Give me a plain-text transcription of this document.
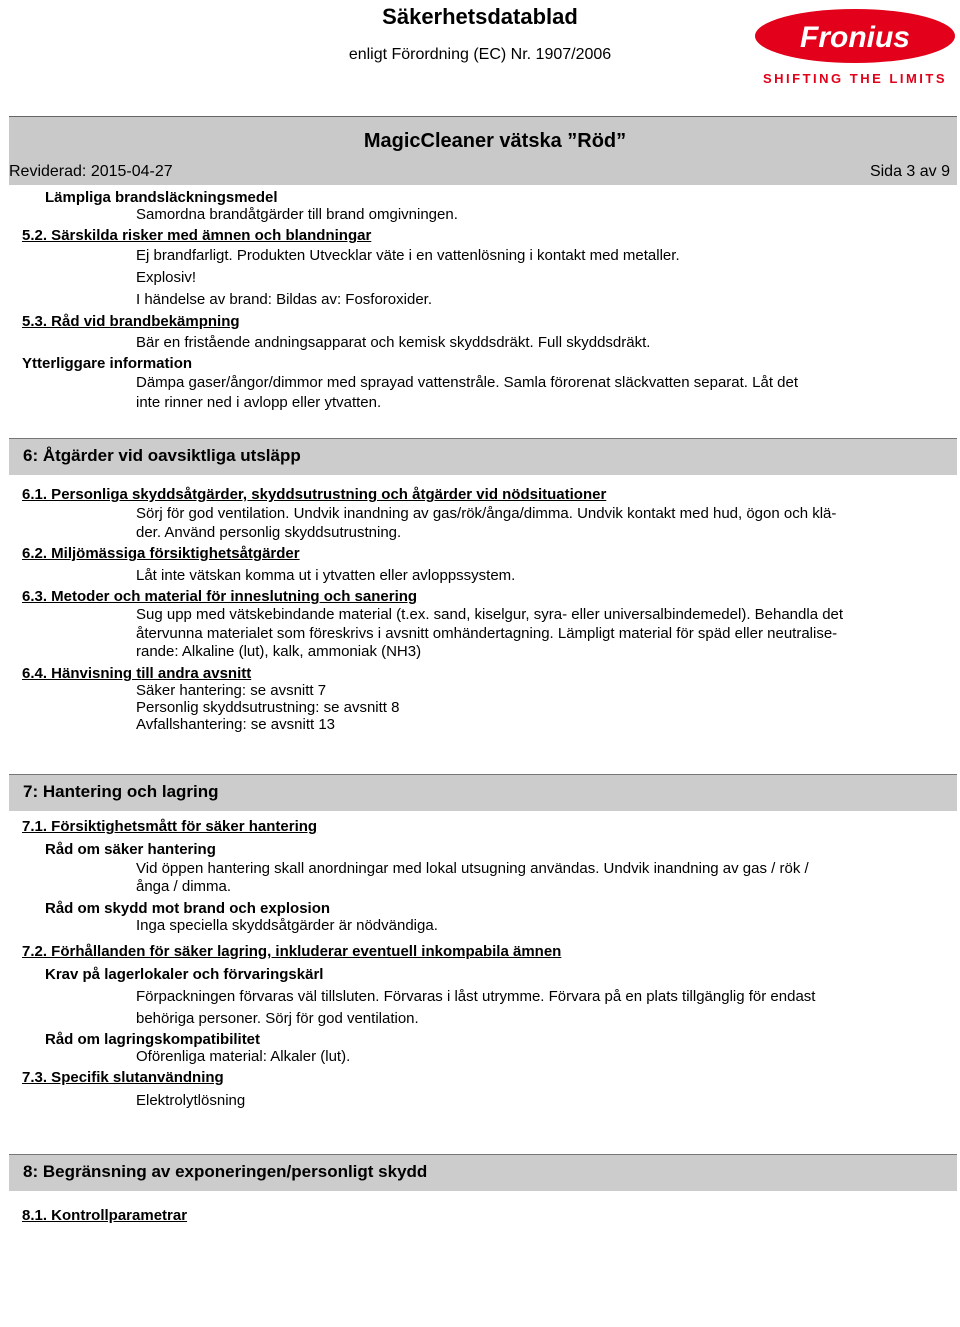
Säkerhetsdatablad
enligt Förordning (EC) Nr. 1907/2006
Fronius
SHIFTING THE LIMITS
MagicCleaner vätska ”Röd”
Reviderad: 2015-04-27	Sida 3 av 9
Lämpliga brandsläckningsmedel
Samordna brandåtgärder till brand omgivningen.
5.2. Särskilda risker med ämnen och blandningar
Ej brandfarligt. Produkten Utvecklar väte i en vattenlösning i kontakt med metaller.
Explosiv!
I händelse av brand: Bildas av: Fosforoxider.
5.3. Råd vid brandbekämpning
Bär en fristående andningsapparat och kemisk skyddsdräkt. Full skyddsdräkt.
Ytterliggare information
Dämpa gaser/ångor/dimmor med sprayad vattenstråle. Samla förorenat släckvatten separat. Låt det
inte rinner ned i avlopp eller ytvatten.
6: Åtgärder vid oavsiktliga utsläpp
6.1. Personliga skyddsåtgärder, skyddsutrustning och åtgärder vid nödsituationer
Sörj för god ventilation. Undvik inandning av gas/rök/ånga/dimma. Undvik kontakt med hud, ögon och klä-
der. Använd personlig skyddsutrustning.
6.2. Miljömässiga försiktighetsåtgärder
Låt inte vätskan komma ut i ytvatten eller avloppssystem.
6.3. Metoder och material för inneslutning och sanering
Sug upp med vätskebindande material (t.ex. sand, kiselgur, syra- eller universalbindemedel). Behandla det
återvunna materialet som föreskrivs i avsnitt omhändertagning. Lämpligt material för späd eller neutralise-
rande: Alkaline (lut), kalk, ammoniak (NH3)
6.4. Hänvisning till andra avsnitt
Säker hantering: se avsnitt 7
Personlig skyddsutrustning: se avsnitt 8
Avfallshantering: se avsnitt 13
7: Hantering och lagring
7.1. Försiktighetsmått för säker hantering
Råd om säker hantering
Vid öppen hantering skall anordningar med lokal utsugning användas. Undvik inandning av gas / rök /
ånga / dimma.
Råd om skydd mot brand och explosion
Inga speciella skyddsåtgärder är nödvändiga.
7.2. Förhållanden för säker lagring, inkluderar eventuell inkompabila ämnen
Krav på lagerlokaler och förvaringskärl
Förpackningen förvaras väl tillsluten. Förvaras i låst utrymme. Förvara på en plats tillgänglig för endast
behöriga personer. Sörj för god ventilation.
Råd om lagringskompatibilitet
Oförenliga material: Alkaler (lut).
7.3. Specifik slutanvändning
Elektrolytlösning
8: Begränsning av exponeringen/personligt skydd
8.1. Kontrollparametrar
